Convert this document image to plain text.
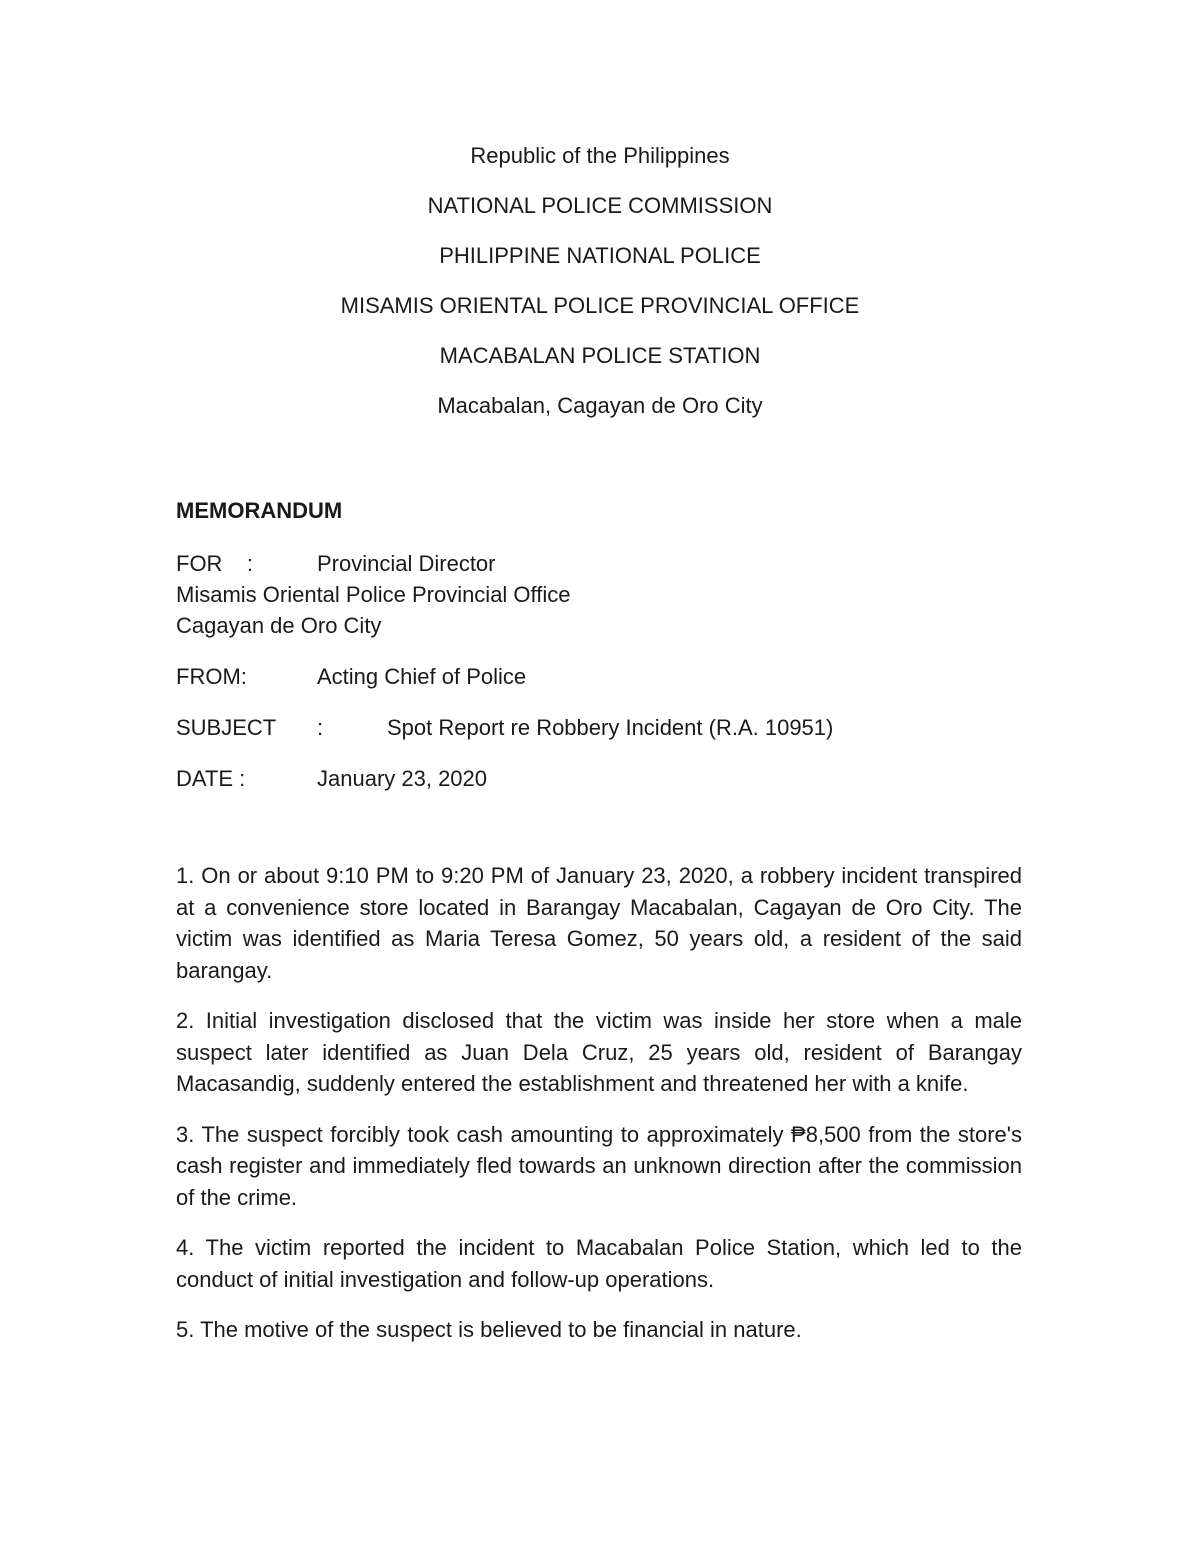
Republic of the Philippines
NATIONAL POLICE COMMISSION
PHILIPPINE NATIONAL POLICE
MISAMIS ORIENTAL POLICE PROVINCIAL OFFICE
MACABALAN POLICE STATION
Macabalan, Cagayan de Oro City
MEMORANDUM
FOR    :	Provincial Director
Misamis Oriental Police Provincial Office
Cagayan de Oro City
FROM:	Acting Chief of Police
SUBJECT :	Spot Report re Robbery Incident (R.A. 10951)
DATE :	January 23, 2020

1. On or about 9:10 PM to 9:20 PM of January 23, 2020, a robbery incident transpired at a convenience store located in Barangay Macabalan, Cagayan de Oro City. The victim was identified as Maria Teresa Gomez, 50 years old, a resident of the said barangay.

2. Initial investigation disclosed that the victim was inside her store when a male suspect later identified as Juan Dela Cruz, 25 years old, resident of Barangay Macasandig, suddenly entered the establishment and threatened her with a knife.

3. The suspect forcibly took cash amounting to approximately ₱8,500 from the store's cash register and immediately fled towards an unknown direction after the commission of the crime.

4. The victim reported the incident to Macabalan Police Station, which led to the conduct of initial investigation and follow-up operations.

5. The motive of the suspect is believed to be financial in nature.
